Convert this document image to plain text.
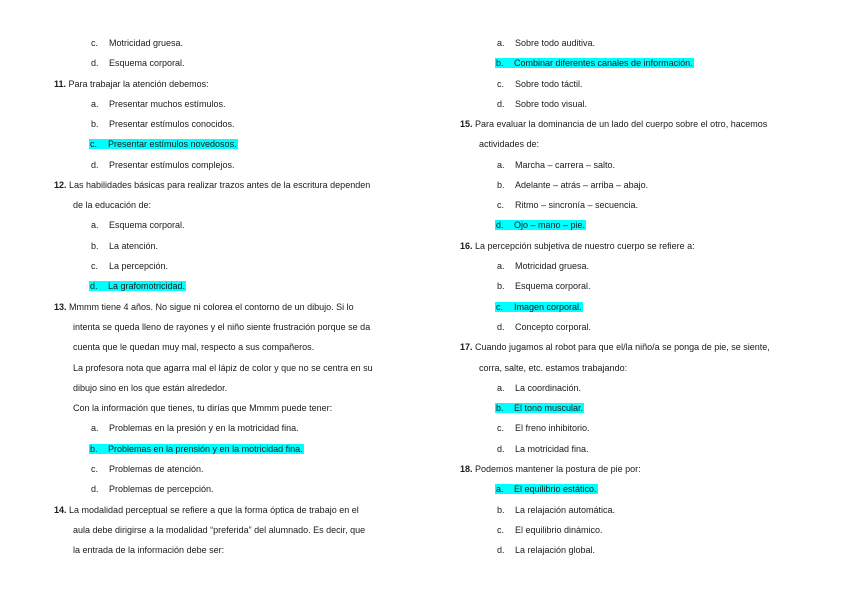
c. Motricidad gruesa.
d. Esquema corporal.
11. Para trabajar la atención debemos:
a. Presentar muchos estímulos.
b. Presentar estímulos conocidos.
c. Presentar estímulos novedosos.
d. Presentar estímulos complejos.
12. Las habilidades básicas para realizar trazos antes de la escritura dependen
de la educación de:
a. Esquema corporal.
b. La atención.
c. La percepción.
d. La grafomotricidad.
13. Mmmm tiene 4 años. No sigue ni colorea el contorno de un dibujo. Si lo
intenta se queda lleno de rayones y el niño siente frustración porque se da
cuenta que le quedan muy mal, respecto a sus compañeros.
La profesora nota que agarra mal el lápiz de color y que no se centra en su
dibujo sino en los que están alrededor.
Con la información que tienes, tu dirías que Mmmm puede tener:
a. Problemas en la presión y en la motricidad fina.
b. Problemas en la prensión y en la motricidad fina.
c. Problemas de atención.
d. Problemas de percepción.
14. La modalidad perceptual se refiere a que la forma óptica de trabajo en el
aula debe dirigirse a la modalidad “preferida” del alumnado. Es decir, que
la entrada de la información debe ser:
a. Sobre todo auditiva.
b. Combinar diferentes canales de información.
c. Sobre todo táctil.
d. Sobre todo visual.
15. Para evaluar la dominancia de un lado del cuerpo sobre el otro, hacemos
actividades de:
a. Marcha – carrera – salto.
b. Adelante – atrás – arriba – abajo.
c. Ritmo – sincronía – secuencia.
d. Ojo – mano – pie.
16. La percepción subjetiva de nuestro cuerpo se refiere a:
a. Motricidad gruesa.
b. Esquema corporal.
c. Imagen corporal.
d. Concepto corporal.
17. Cuando jugamos al robot para que el/la niño/a se ponga de pie, se siente,
corra, salte, etc. estamos trabajando:
a. La coordinación.
b. El tono muscular.
c. El freno inhibitorio.
d. La motricidad fina.
18. Podemos mantener la postura de pie por:
a. El equilibrio estático.
b. La relajación automática.
c. El equilibrio dinámico.
d. La relajación global.
